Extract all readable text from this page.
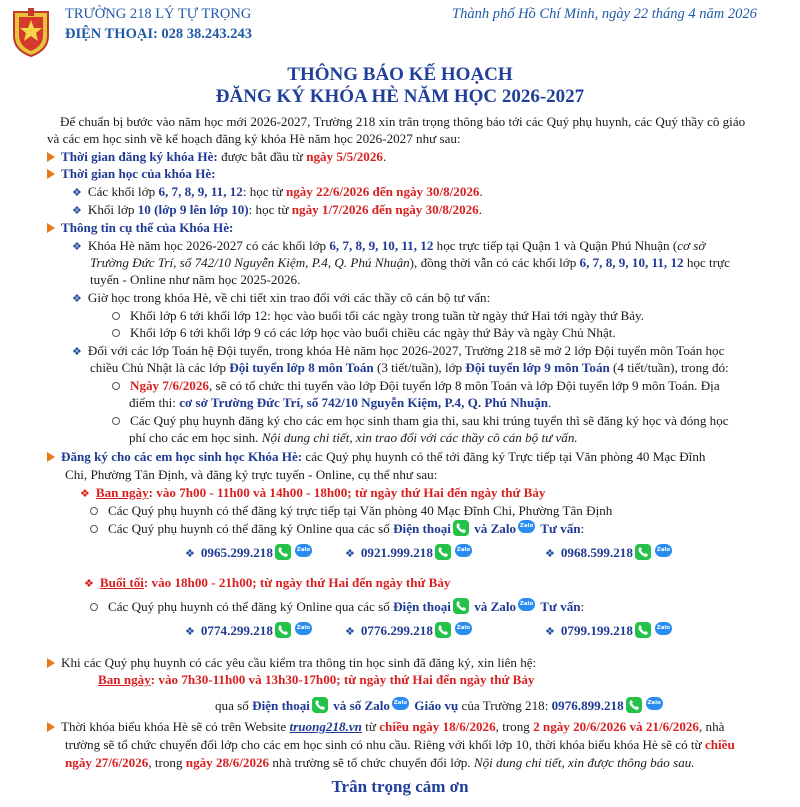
TRƯỜNG 218 LÝ TỰ TRỌNG
ĐIỆN THOẠI: 028 38.243.243
Thành phố Hồ Chí Minh, ngày 22 tháng 4 năm 2026
THÔNG BÁO KẾ HOẠCH
ĐĂNG KÝ KHÓA HÈ NĂM HỌC 2026-2027
Để chuẩn bị bước vào năm học mới 2026-2027, Trường 218 xin trân trọng thông báo tới các Quý phụ huynh, các Quý thầy cô giáo
và các em học sinh về kế hoạch đăng ký khóa Hè năm học 2026-2027 như sau:
Thời gian đăng ký khóa Hè: được bắt đầu từ ngày 5/5/2026.
Thời gian học của khóa Hè:
❖ Các khối lớp 6, 7, 8, 9, 11, 12: học từ ngày 22/6/2026 đến ngày 30/8/2026.
❖ Khối lớp 10 (lớp 9 lên lớp 10): học từ ngày 1/7/2026 đến ngày 30/8/2026.
Thông tin cụ thể của Khóa Hè:
❖ Khóa Hè năm học 2026-2027 có các khối lớp 6, 7, 8, 9, 10, 11, 12 học trực tiếp tại Quận 1 và Quận Phú Nhuận (cơ sở
Trường Đức Trí, số 742/10 Nguyễn Kiệm, P.4, Q. Phú Nhuận), đồng thời vẫn có các khối lớp 6, 7, 8, 9, 10, 11, 12 học trực
tuyến - Online như năm học 2025-2026.
❖ Giờ học trong khóa Hè, về chi tiết xin trao đổi với các thầy cô cán bộ tư vấn:
Khối lớp 6 tới khối lớp 12: học vào buổi tối các ngày trong tuần từ ngày thứ Hai tới ngày thứ Bảy.
Khối lớp 6 tới khối lớp 9 có các lớp học vào buổi chiều các ngày thứ Bảy và ngày Chủ Nhật.
❖ Đối với các lớp Toán hệ Đội tuyển, trong khóa Hè năm học 2026-2027, Trường 218 sẽ mở 2 lớp Đội tuyển môn Toán học
chiều Chủ Nhật là các lớp Đội tuyển lớp 8 môn Toán (3 tiết/tuần), lớp Đội tuyển lớp 9 môn Toán (4 tiết/tuần), trong đó:
Ngày 7/6/2026, sẽ có tổ chức thi tuyển vào lớp Đội tuyển lớp 8 môn Toán và lớp Đội tuyển lớp 9 môn Toán. Địa
điểm thi: cơ sở Trường Đức Trí, số 742/10 Nguyễn Kiệm, P.4, Q. Phú Nhuận.
Các Quý phụ huynh đăng ký cho các em học sinh tham gia thi, sau khi trúng tuyển thì sẽ đăng ký học và đóng học
phí cho các em học sinh. Nội dung chi tiết, xin trao đổi với các thầy cô cán bộ tư vấn.
Đăng ký cho các em học sinh học Khóa Hè: các Quý phụ huynh có thể tới đăng ký Trực tiếp tại Văn phòng 40 Mạc Đĩnh
Chi, Phường Tân Định, và đăng ký trực tuyến - Online, cụ thể như sau:
❖ Ban ngày: vào 7h00 - 11h00 và 14h00 - 18h00; từ ngày thứ Hai đến ngày thứ Bảy
Các Quý phụ huynh có thể đăng ký trực tiếp tại Văn phòng 40 Mạc Đĩnh Chi, Phường Tân Định
Các Quý phụ huynh có thể đăng ký Online qua các số Điện thoại và Zalo Zalo Tư vấn:
❖ 0965.299.218	Zalo	❖ 0921.999.218	Zalo	❖ 0968.599.218	Zalo
❖ Buổi tối: vào 18h00 - 21h00; từ ngày thứ Hai đến ngày thứ Bảy
Các Quý phụ huynh có thể đăng ký Online qua các số Điện thoại và Zalo Zalo Tư vấn:
❖ 0774.299.218	Zalo	❖ 0776.299.218	Zalo	❖ 0799.199.218	Zalo
Khi các Quý phụ huynh có các yêu cầu kiểm tra thông tin học sinh đã đăng ký, xin liên hệ:
Ban ngày: vào 7h30-11h00 và 13h30-17h00; từ ngày thứ Hai đến ngày thứ Bảy
qua số Điện thoại và số Zalo Zalo Giáo vụ của Trường 218: 0976.899.218	Zalo
Thời khóa biểu khóa Hè sẽ có trên Website truong218.vn từ chiều ngày 18/6/2026, trong 2 ngày 20/6/2026 và 21/6/2026, nhà
trường sẽ tổ chức chuyển đổi lớp cho các em học sinh có nhu cầu. Riêng với khối lớp 10, thời khóa biểu khóa Hè sẽ có từ chiều
ngày 27/6/2026, trong ngày 28/6/2026 nhà trường sẽ tổ chức chuyển đổi lớp. Nội dung chi tiết, xin được thông báo sau.
Trân trọng cảm ơn
